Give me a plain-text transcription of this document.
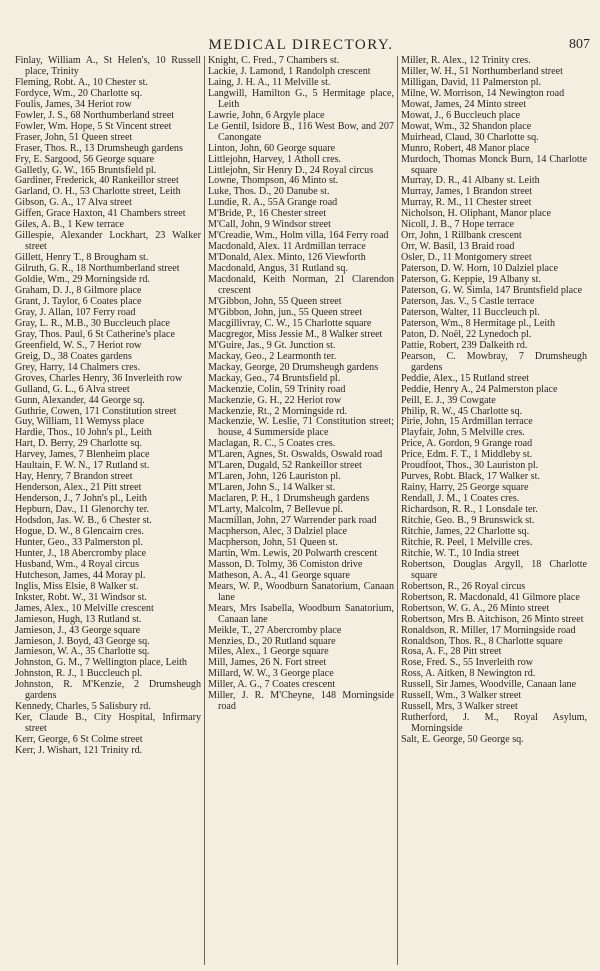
MEDICAL DIRECTORY.	807
Finlay, William A., St Helen's, 10 Russell place, Trinity
Fleming, Robt. A., 10 Chester st.
Fordyce, Wm., 20 Charlotte sq.
Foulis, James, 34 Heriot row
Fowler, J. S., 68 Northumberland street
Fowler, Wm. Hope, 5 St Vincent street
Fraser, John, 51 Queen street
Fraser, Thos. R., 13 Drumsheugh gardens
Fry, E. Sargood, 56 George square
Galletly, G. W., 165 Bruntsfield pl.
Gardiner, Frederick, 40 Rankeillor street
Garland, O. H., 53 Charlotte street, Leith
Gibson, G. A., 17 Alva street
Giffen, Grace Haxton, 41 Chambers street
Giles, A. B., 1 Kew terrace
Gillespie, Alexander Lockhart, 23 Walker street
Gillett, Henry T., 8 Brougham st.
Gilruth, G. R., 18 Northumberland street
Goldie, Wm., 29 Morningside rd.
Graham, D. J., 8 Gilmore place
Grant, J. Taylor, 6 Coates place
Gray, J. Allan, 107 Ferry road
Gray, L. R., M.B., 30 Buccleuch place
Gray, Thos. Paul, 6 St Catherine's place
Greenfield, W. S., 7 Heriot row
Greig, D., 38 Coates gardens
Grey, Harry, 14 Chalmers cres.
Groves, Charles Henry, 36 Inverleith row
Gulland, G. L., 6 Alva street
Gunn, Alexander, 44 George sq.
Guthrie, Cowen, 171 Constitution street
Guy, William, 11 Wemyss place
Hardie, Thos., 10 John's pl., Leith
Hart, D. Berry, 29 Charlotte sq.
Harvey, James, 7 Blenheim place
Haultain, F. W. N., 17 Rutland st.
Hay, Henry, 7 Brandon street
Henderson, Alex., 21 Pitt street
Henderson, J., 7 John's pl., Leith
Hepburn, Dav., 11 Glenorchy ter.
Hodsdon, Jas. W. B., 6 Chester st.
Hogue, D. W., 8 Glencairn cres.
Hunter, Geo., 33 Palmerston pl.
Hunter, J., 18 Abercromby place
Husband, Wm., 4 Royal circus
Hutcheson, James, 44 Moray pl.
Inglis, Miss Elsie, 8 Walker st.
Inkster, Robt. W., 31 Windsor st.
James, Alex., 10 Melville crescent
Jamieson, Hugh, 13 Rutland st.
Jamieson, J., 43 George square
Jamieson, J. Boyd, 43 George sq.
Jamieson, W. A., 35 Charlotte sq.
Johnston, G. M., 7 Wellington place, Leith
Johnston, R. J., 1 Buccleuch pl.
Johnston, R. M'Kenzie, 2 Drumsheugh gardens
Kennedy, Charles, 5 Salisbury rd.
Ker, Claude B., City Hospital, Infirmary street
Kerr, George, 6 St Colme street
Kerr, J. Wishart, 121 Trinity rd.
Knight, C. Fred., 7 Chambers st.
Lackie, J. Lamond, 1 Randolph crescent
Laing, J. H. A., 11 Melville st.
Langwill, Hamilton G., 5 Hermitage place, Leith
Lawrie, John, 6 Argyle place
Le Gentil, Isidore B., 116 West Bow, and 207 Canongate
Linton, John, 60 George square
Littlejohn, Harvey, 1 Atholl cres.
Littlejohn, Sir Henry D., 24 Royal circus
Lowne, Thompson, 46 Minto st.
Luke, Thos. D., 20 Danube st.
Lundie, R. A., 55A Grange road
M'Bride, P., 16 Chester street
M'Call, John, 9 Windsor street
M'Creadie, Wm., Holm villa, 164 Ferry road
Macdonald, Alex. 11 Ardmillan terrace
M'Donald, Alex. Minto, 126 Viewforth
Macdonald, Angus, 31 Rutland sq.
Macdonald, Keith Norman, 21 Clarendon crescent
M'Gibbon, John, 55 Queen street
M'Gibbon, John, jun., 55 Queen street
Macgillivray, C. W., 15 Charlotte square
Macgregor, Miss Jessie M., 8 Walker street
M'Guire, Jas., 9 Gt. Junction st.
Mackay, Geo., 2 Learmonth ter.
Mackay, George, 20 Drumsheugh gardens
Mackay, Geo., 74 Bruntsfield pl.
Mackenzie, Colin, 59 Trinity road
Mackenzie, G. H., 22 Heriot row
Mackenzie, Rt., 2 Morningside rd.
Mackenzie, W. Leslie, 71 Constitution street; house, 4 Summerside place
Maclagan, R. C., 5 Coates cres.
M'Laren, Agnes, St. Oswalds, Oswald road
M'Laren, Dugald, 52 Rankeillor street
M'Laren, John, 126 Lauriston pl.
M'Laren, John S., 14 Walker st.
Maclaren, P. H., 1 Drumsheugh gardens
M'Larty, Malcolm, 7 Bellevue pl.
Macmillan, John, 27 Warrender park road
Macpherson, Alec, 3 Dalziel place
Macpherson, John, 51 Queen st.
Martin, Wm. Lewis, 20 Polwarth crescent
Masson, D. Tolmy, 36 Comiston drive
Matheson, A. A., 41 George square
Mears, W. P., Woodburn Sanatorium, Canaan lane
Mears, Mrs Isabella, Woodburn Sanatorium, Canaan lane
Meikle, T., 27 Abercromby place
Menzies, D., 20 Rutland square
Miles, Alex., 1 George square
Mill, James, 26 N. Fort street
Millard, W. W., 3 George place
Miller, A. G., 7 Coates crescent
Miller, J. R. M'Cheyne, 148 Morningside road
Miller, R. Alex., 12 Trinity cres.
Miller, W. H., 51 Northumberland street
Milligan, David, 11 Palmerston pl.
Milne, W. Morrison, 14 Newington road
Mowat, James, 24 Minto street
Mowat, J., 6 Buccleuch place
Mowat, Wm., 32 Shandon place
Muirhead, Claud, 30 Charlotte sq.
Munro, Robert, 48 Manor place
Murdoch, Thomas Monck Burn, 14 Charlotte square
Murray, D. R., 41 Albany st. Leith
Murray, James, 1 Brandon street
Murray, R. M., 11 Chester street
Nicholson, H. Oliphant, Manor place
Nicoll, J. B., 7 Hope terrace
Orr, John, 1 Rillbank crescent
Orr, W. Basil, 13 Braid road
Osler, D., 11 Montgomery street
Paterson, D. W. Horn, 10 Dalziel place
Paterson, G. Keppie, 19 Albany st.
Paterson, G. W. Simla, 147 Bruntsfield place
Paterson, Jas. V., 5 Castle terrace
Paterson, Walter, 11 Buccleuch pl.
Paterson, Wm., 8 Hermitage pl., Leith
Paton, D. Noël, 22 Lynedoch pl.
Pattie, Robert, 239 Dalkeith rd.
Pearson, C. Mowbray, 7 Drumsheugh gardens
Peddie, Alex., 15 Rutland street
Peddie, Henry A., 24 Palmerston place
Peill, E. J., 39 Cowgate
Philip, R. W., 45 Charlotte sq.
Pirie, John, 15 Ardmillan terrace
Playfair, John, 5 Melville cres.
Price, A. Gordon, 9 Grange road
Price, Edm. F. T., 1 Middleby st.
Proudfoot, Thos., 30 Lauriston pl.
Purves, Robt. Black, 17 Walker st.
Rainy, Harry, 25 George square
Rendall, J. M., 1 Coates cres.
Richardson, R. R., 1 Lonsdale ter.
Ritchie, Geo. B., 9 Brunswick st.
Ritchie, James, 22 Charlotte sq.
Ritchie, R. Peel, 1 Melville cres.
Ritchie, W. T., 10 India street
Robertson, Douglas Argyll, 18 Charlotte square
Robertson, R., 26 Royal circus
Robertson, R. Macdonald, 41 Gilmore place
Robertson, W. G. A., 26 Minto street
Robertson, Mrs B. Aitchison, 26 Minto street
Ronaldson, R. Miller, 17 Morningside road
Ronaldson, Thos. R., 8 Charlotte square
Rosa, A. F., 28 Pitt street
Rose, Fred. S., 55 Inverleith row
Ross, A. Aitken, 8 Newington rd.
Russell, Sir James, Woodville, Canaan lane
Russell, Wm., 3 Walker street
Russell, Mrs, 3 Walker street
Rutherford, J. M., Royal Asylum, Morningside
Salt, E. George, 50 George sq.
